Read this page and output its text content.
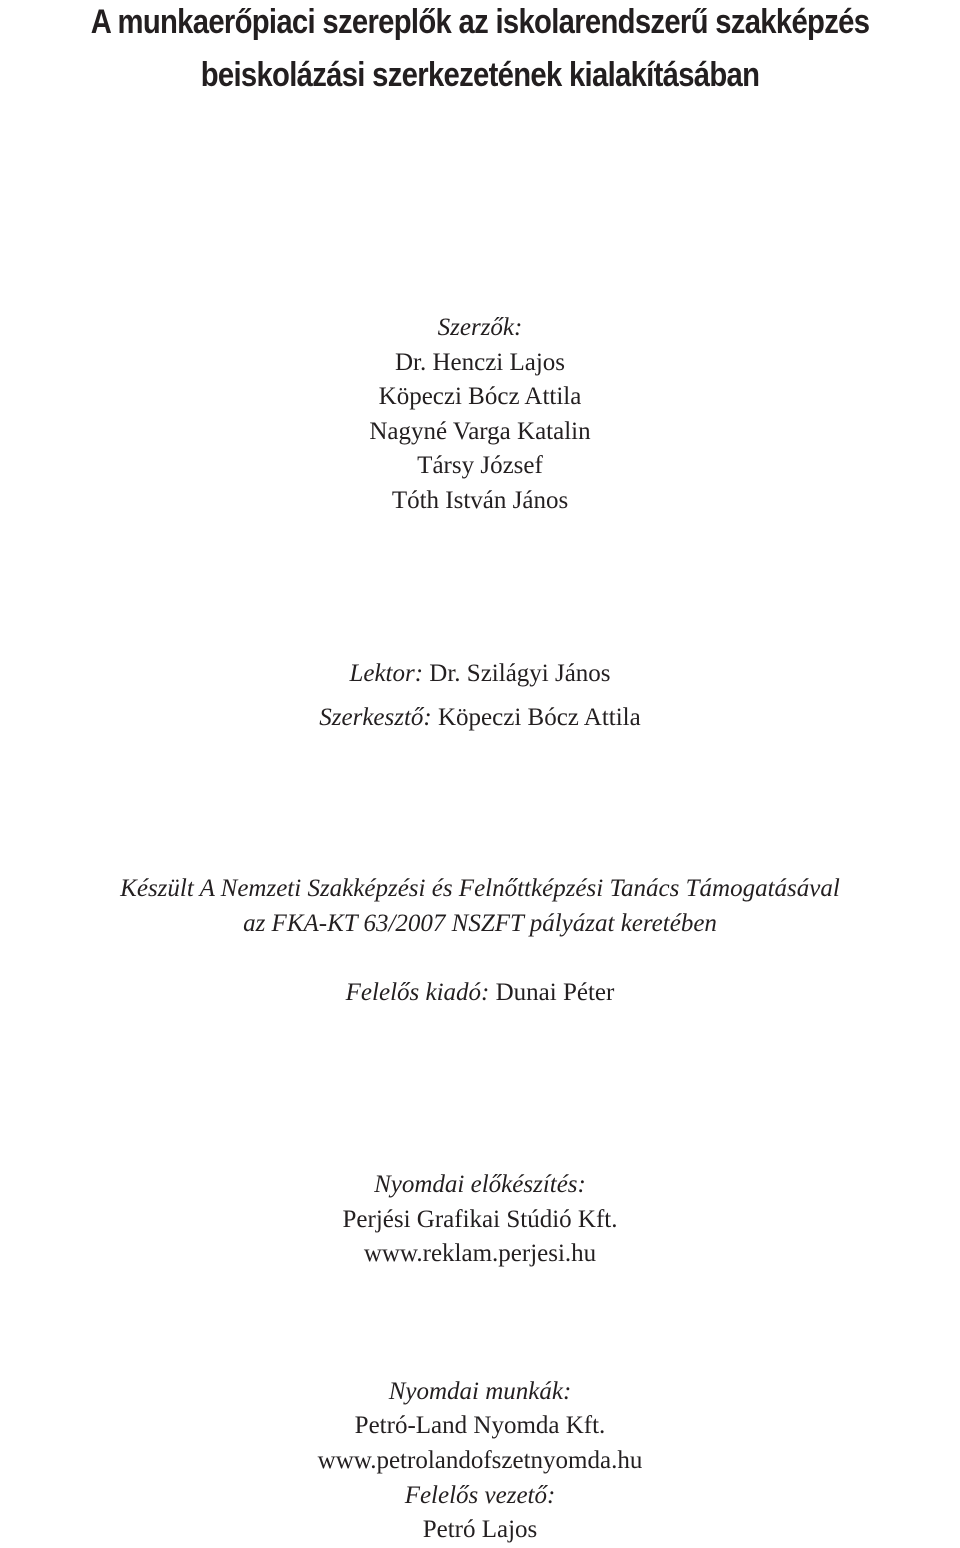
A munkaerőpiaci szereplők az iskolarendszerű szakképzés
beiskolázási szerkezetének kialakításában
Szerzők:
Dr. Henczi Lajos
Köpeczi Bócz Attila
Nagyné Varga Katalin
Társy József
Tóth István János
Lektor: Dr. Szilágyi János
Szerkesztő: Köpeczi Bócz Attila
Készült A Nemzeti Szakképzési és Felnőttképzési Tanács Támogatásával
az FKA-KT 63/2007 NSZFT pályázat keretében
Felelős kiadó: Dunai Péter
Nyomdai előkészítés:
Perjési Grafikai Stúdió Kft.
www.reklam.perjesi.hu
Nyomdai munkák:
Petró-Land Nyomda Kft.
www.petrolandofszetnyomda.hu
Felelős vezető:
Petró Lajos
